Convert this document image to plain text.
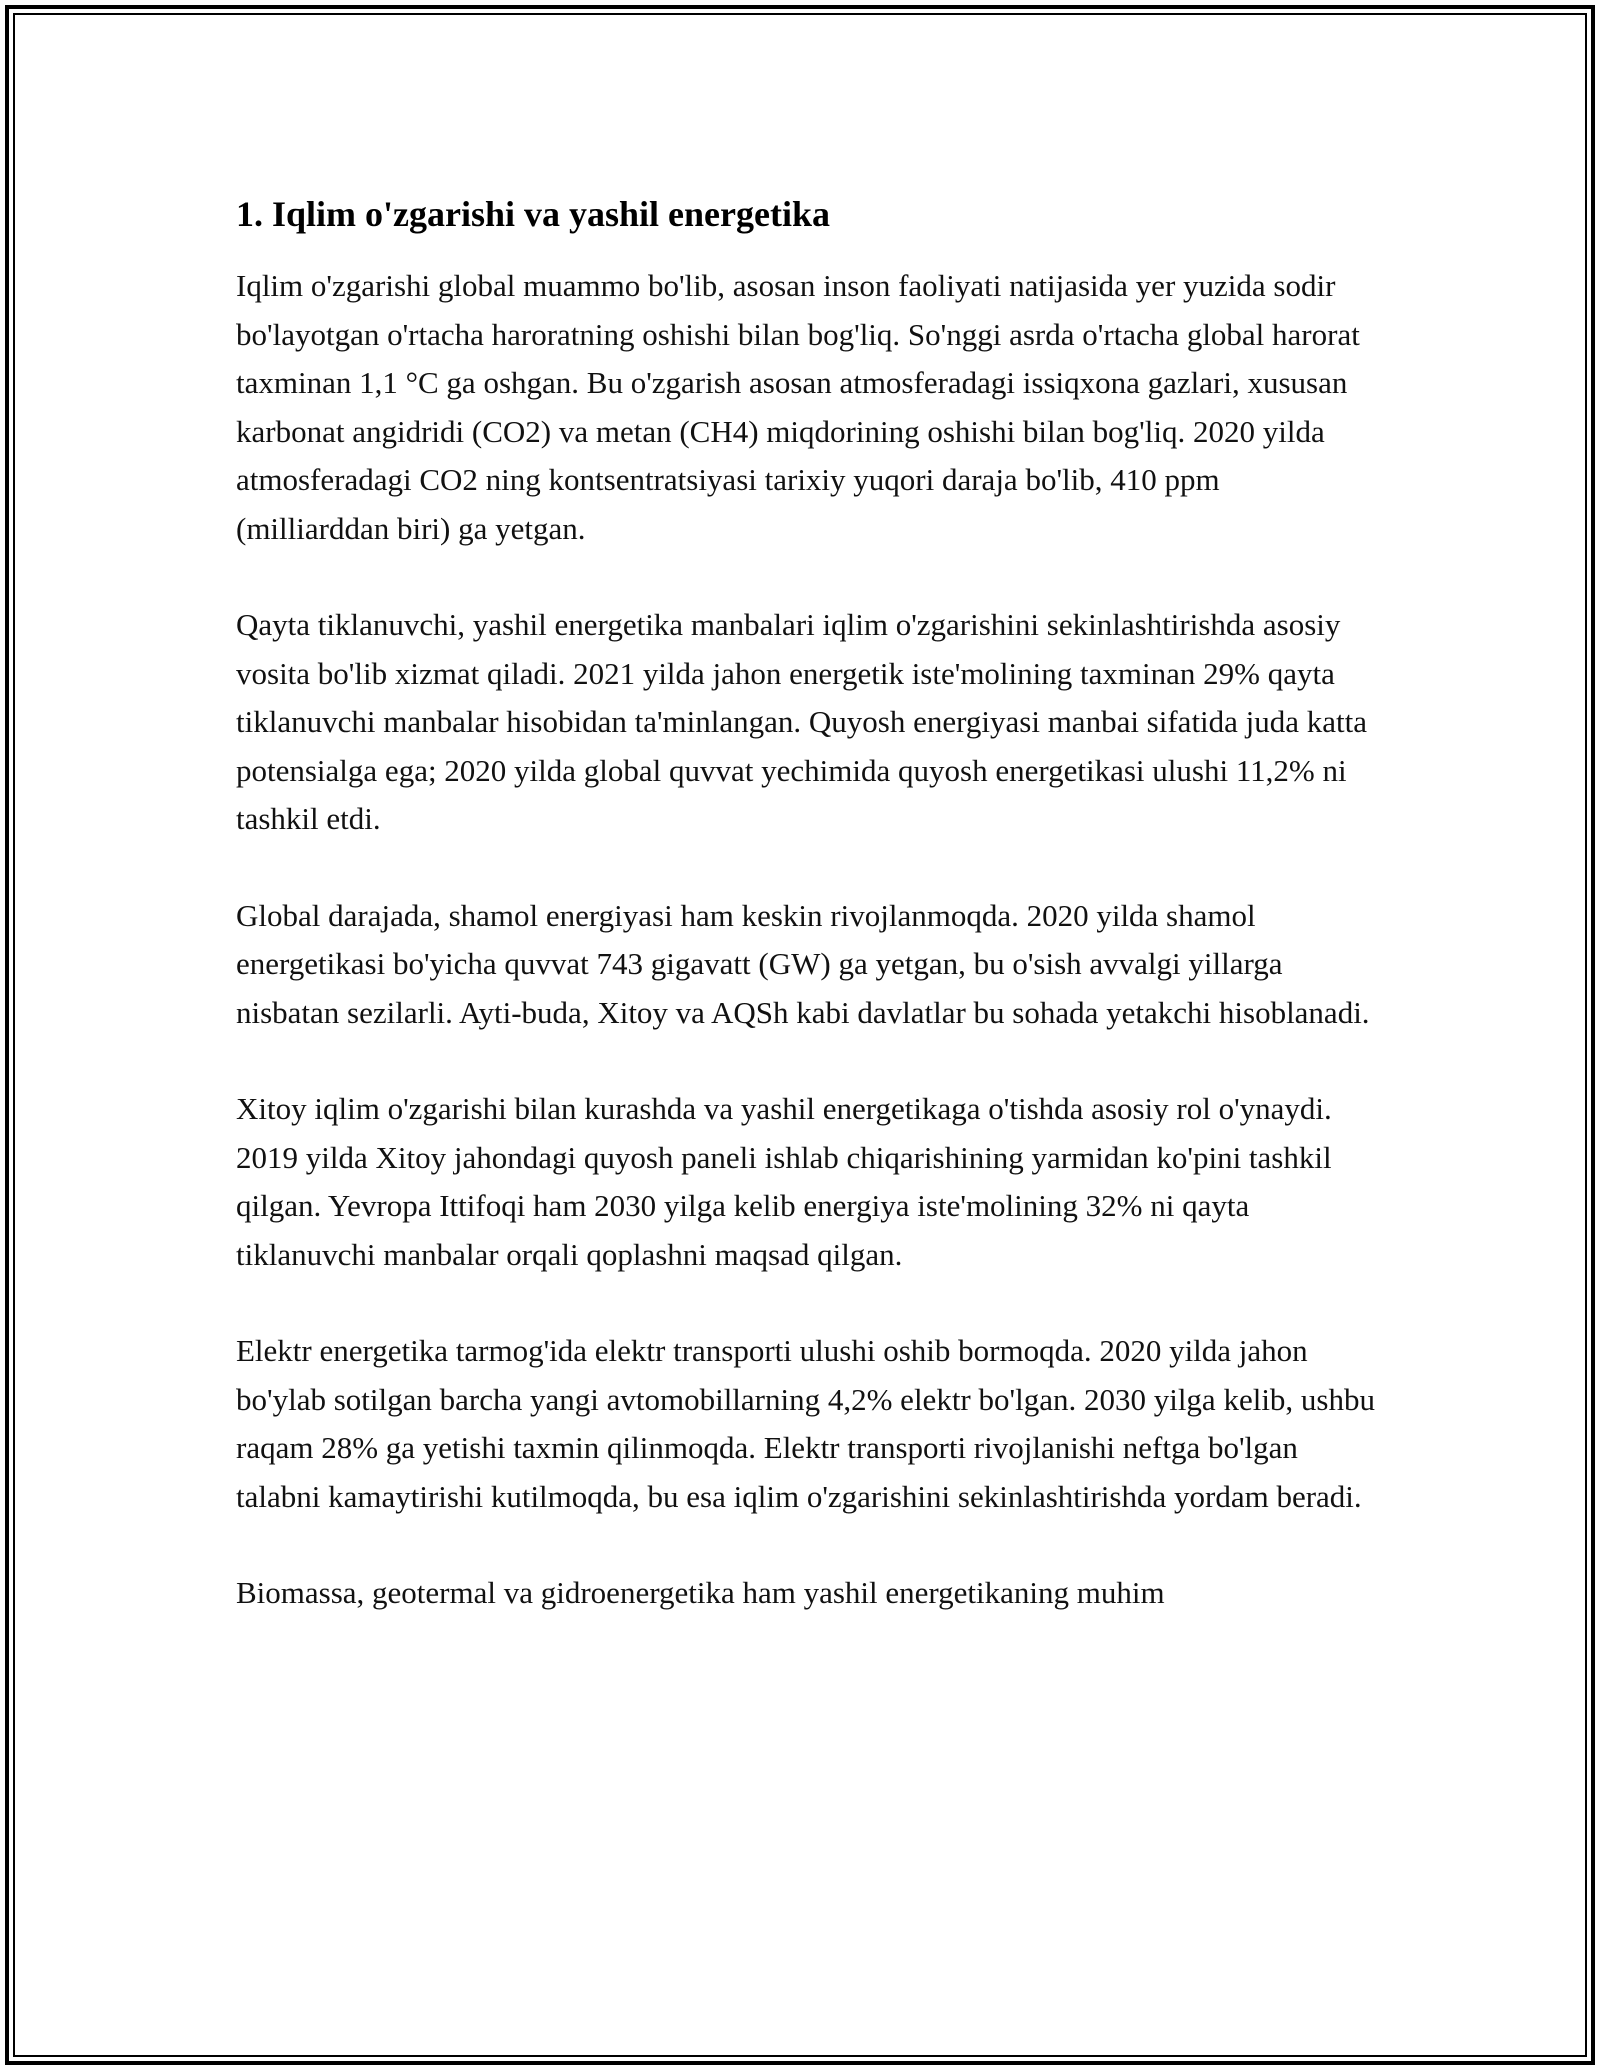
1. Iqlim o'zgarishi va yashil energetika

Iqlim o'zgarishi global muammo bo'lib, asosan inson faoliyati natijasida yer yuzida sodir bo'layotgan o'rtacha haroratning oshishi bilan bog'liq. So'nggi asrda o'rtacha global harorat taxminan 1,1 °C ga oshgan. Bu o'zgarish asosan atmosferadagi issiqxona gazlari, xususan karbonat angidridi (CO2) va metan (CH4) miqdorining oshishi bilan bog'liq. 2020 yilda atmosferadagi CO2 ning kontsentratsiyasi tarixiy yuqori daraja bo'lib, 410 ppm (milliarddan biri) ga yetgan.

Qayta tiklanuvchi, yashil energetika manbalari iqlim o'zgarishini sekinlashtirishda asosiy vosita bo'lib xizmat qiladi. 2021 yilda jahon energetik iste'molining taxminan 29% qayta tiklanuvchi manbalar hisobidan ta'minlangan. Quyosh energiyasi manbai sifatida juda katta potensialga ega; 2020 yilda global quvvat yechimida quyosh energetikasi ulushi 11,2% ni tashkil etdi.

Global darajada, shamol energiyasi ham keskin rivojlanmoqda. 2020 yilda shamol energetikasi bo'yicha quvvat 743 gigavatt (GW) ga yetgan, bu o'sish avvalgi yillarga nisbatan sezilarli. Ayti-buda, Xitoy va AQSh kabi davlatlar bu sohada yetakchi hisoblanadi.

Xitoy iqlim o'zgarishi bilan kurashda va yashil energetikaga o'tishda asosiy rol o'ynaydi. 2019 yilda Xitoy jahondagi quyosh paneli ishlab chiqarishining yarmidan ko'pini tashkil qilgan. Yevropa Ittifoqi ham 2030 yilga kelib energiya iste'molining 32% ni qayta tiklanuvchi manbalar orqali qoplashni maqsad qilgan.

Elektr energetika tarmog'ida elektr transporti ulushi oshib bormoqda. 2020 yilda jahon bo'ylab sotilgan barcha yangi avtomobillarning 4,2% elektr bo'lgan. 2030 yilga kelib, ushbu raqam 28% ga yetishi taxmin qilinmoqda. Elektr transporti rivojlanishi neftga bo'lgan talabni kamaytirishi kutilmoqda, bu esa iqlim o'zgarishini sekinlashtirishda yordam beradi.

Biomassa, geotermal va gidroenergetika ham yashil energetikaning muhim
